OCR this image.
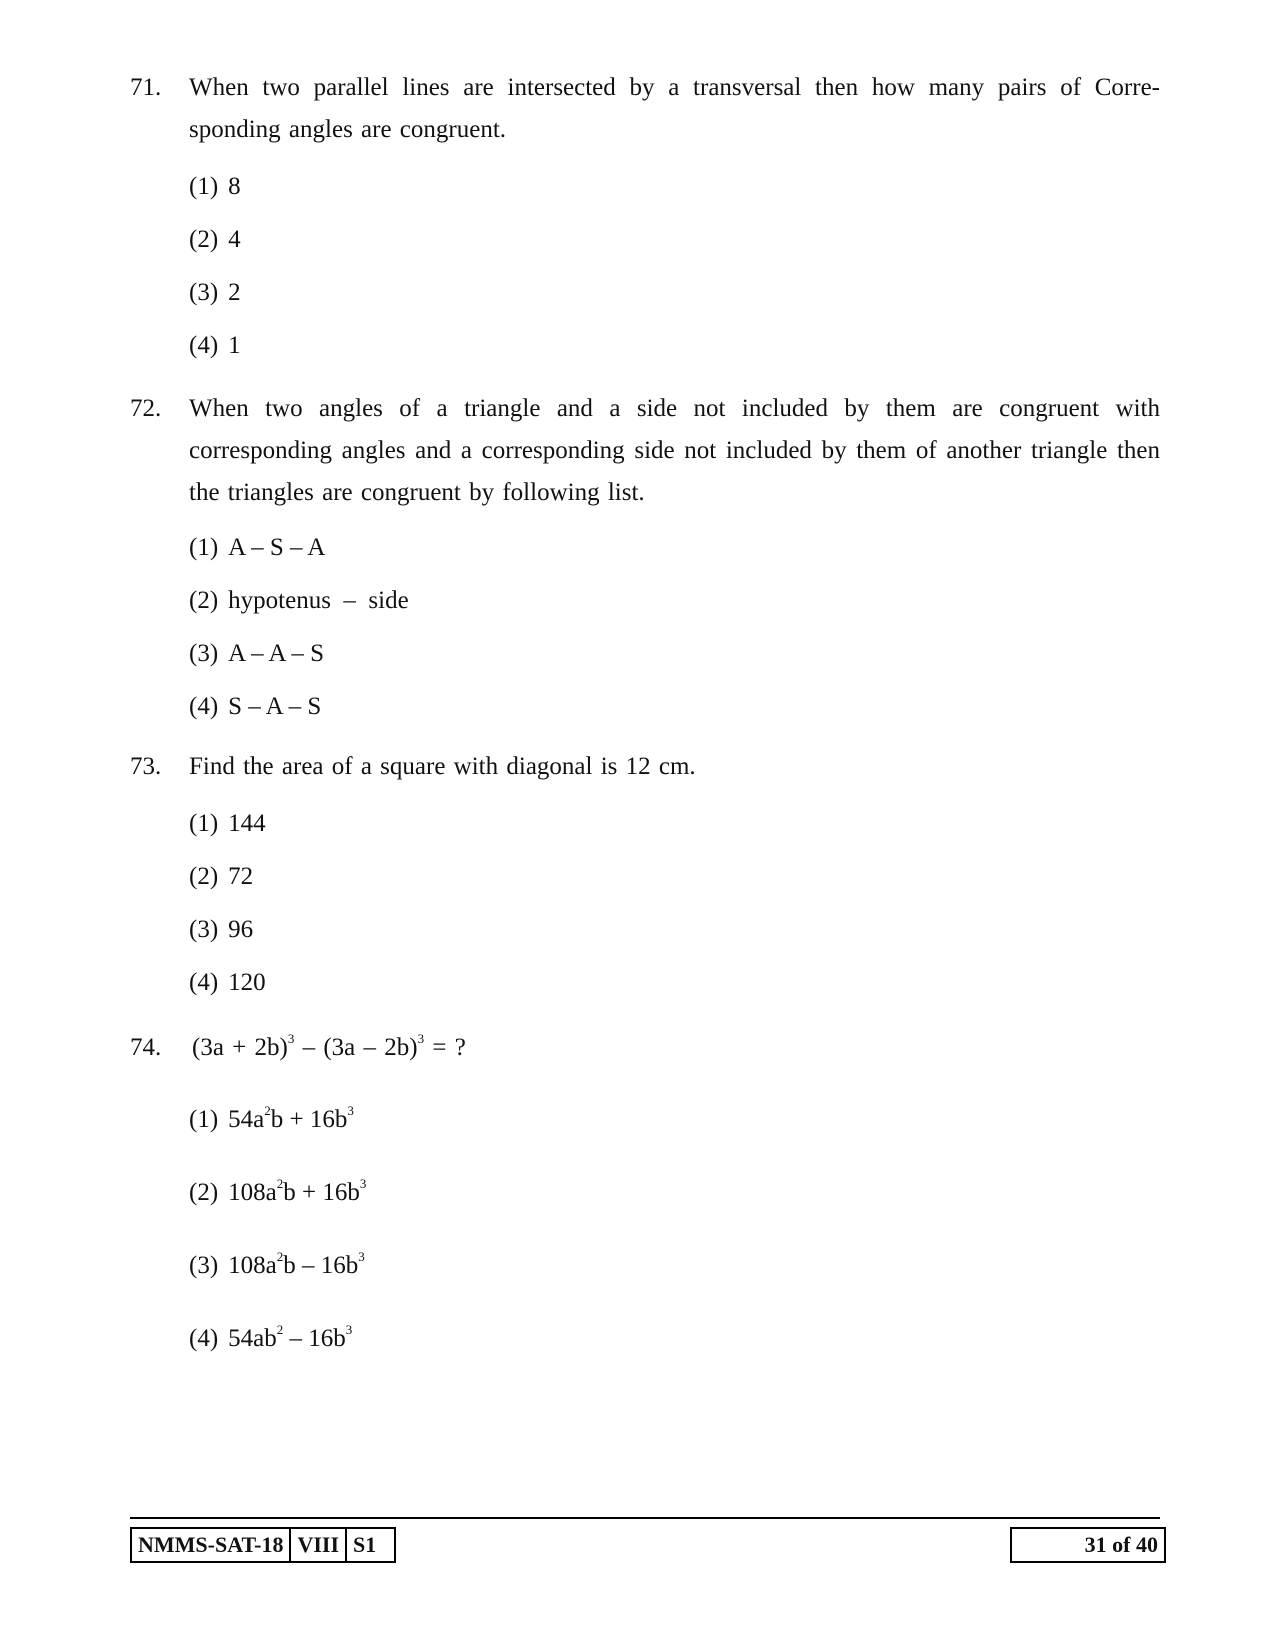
71. When two parallel lines are intersected by a transversal then how many pairs of Corre-sponding angles are congruent.
(1) 8
(2) 4
(3) 2
(4) 1
72. When two angles of a triangle and a side not included by them are congruent with corresponding angles and a corresponding side not included by them of another triangle then the triangles are congruent by following list.
(1) A – S – A
(2) hypotenus  –  side
(3) A – A – S
(4) S – A – S
73. Find the area of a square with diagonal is 12 cm.
(1) 144
(2) 72
(3) 96
(4) 120
74. $(3a + 2b)^3 - (3a - 2b)^3$ = ?
(1) $54a^2b + 16b^3$
(2) $108a^2b + 16b^3$
(3) $108a^2b - 16b^3$
(4) $54ab^2 - 16b^3$
NMMS-SAT-18 VIII S1	31 of 40
